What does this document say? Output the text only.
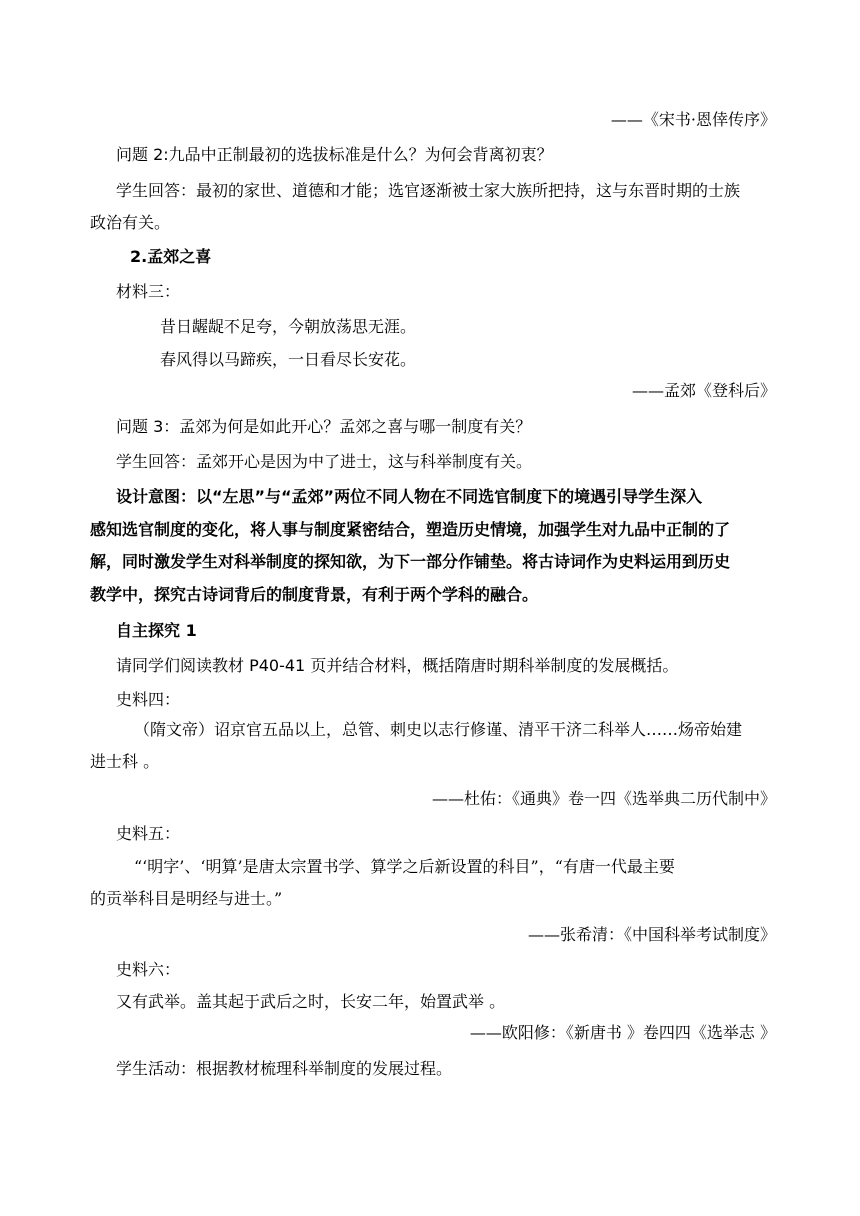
——《宋书·恩倖传序》
问题 2:九品中正制最初的选拔标准是什么？为何会背离初衷？
学生回答：最初的家世、道德和才能；选官逐渐被士家大族所把持，这与东晋时期的士族
政治有关。
2.孟郊之喜
材料三：
昔日龌龊不足夸，今朝放荡思无涯。
春风得以马蹄疾，一日看尽长安花。
——孟郊《登科后》
问题 3：孟郊为何是如此开心？孟郊之喜与哪一制度有关？
学生回答：孟郊开心是因为中了进士，这与科举制度有关。
设计意图：以“左思”与“孟郊”两位不同人物在不同选官制度下的境遇引导学生深入
感知选官制度的变化，将人事与制度紧密结合，塑造历史情境，加强学生对九品中正制的了
解，同时激发学生对科举制度的探知欲，为下一部分作铺垫。将古诗词作为史料运用到历史
教学中，探究古诗词背后的制度背景，有利于两个学科的融合。
自主探究 1
请同学们阅读教材 P40-41 页并结合材料，概括隋唐时期科举制度的发展概括。
史料四：
（隋文帝）诏京官五品以上，总管、刺史以志行修谨、清平干济二科举人……炀帝始建
进士科 。
——杜佑：《通典》卷一四《选举典二历代制中》
史料五：
“‘明字’、‘明算’是唐太宗置书学、算学之后新设置的科目”，“有唐一代最主要
的贡举科目是明经与进士。”
——张希清：《中国科举考试制度》
史料六：
又有武举。盖其起于武后之时，长安二年，始置武举 。
——欧阳修：《新唐书 》卷四四《选举志 》
学生活动：根据教材梳理科举制度的发展过程。
